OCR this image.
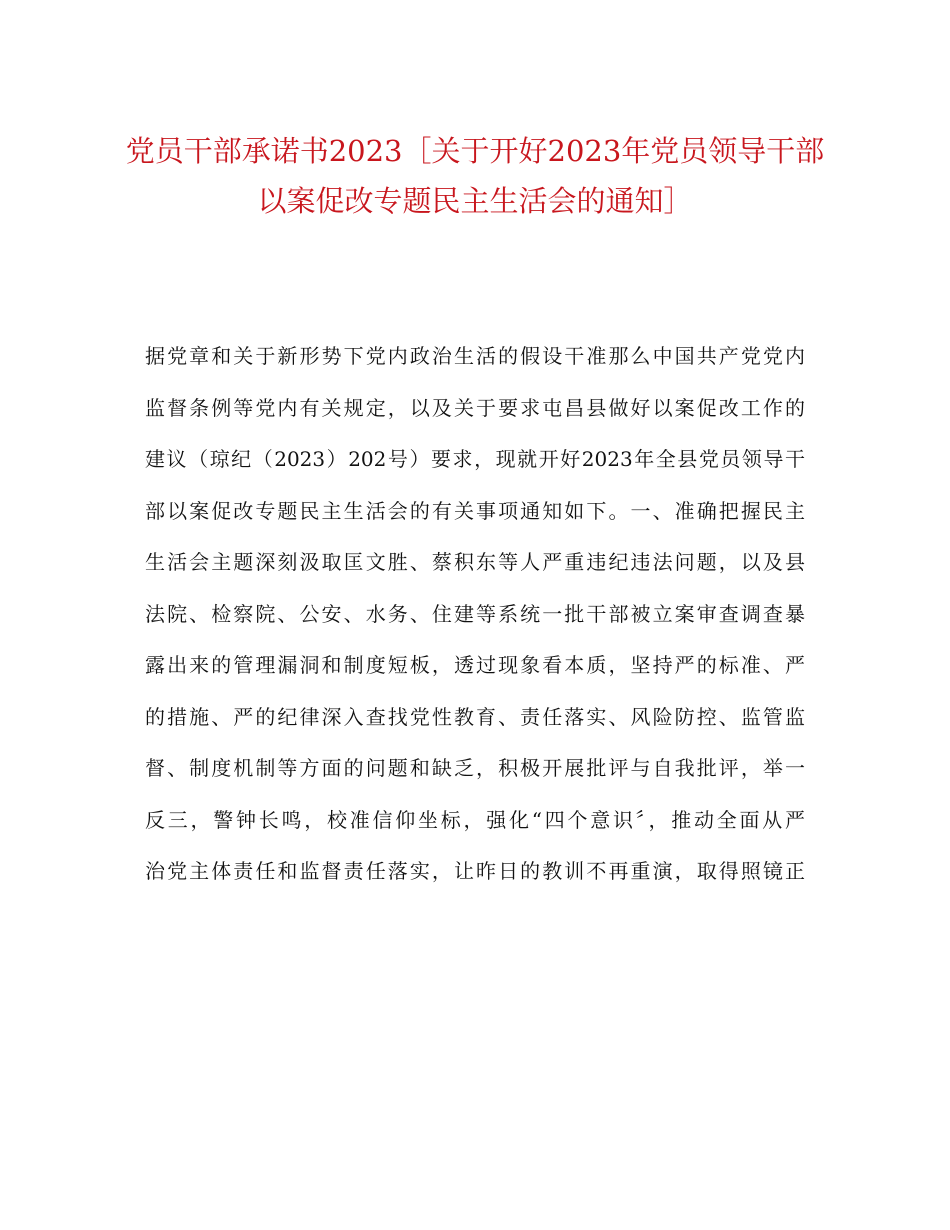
党员干部承诺书2023［关于开好2023年党员领导干部
以案促改专题民主生活会的通知］
据党章和关于新形势下党内政治生活的假设干准那么中国共产党党内
监督条例等党内有关规定，以及关于要求屯昌县做好以案促改工作的
建议（琼纪（2023）202号）要求，现就开好2023年全县党员领导干
部以案促改专题民主生活会的有关事项通知如下。一、准确把握民主
生活会主题深刻汲取匡文胜、蔡积东等人严重违纪违法问题，以及县
法院、检察院、公安、水务、住建等系统一批干部被立案审查调查暴
露出来的管理漏洞和制度短板，透过现象看本质，坚持严的标准、严
的措施、严的纪律深入查找党性教育、责任落实、风险防控、监管监
督、制度机制等方面的问题和缺乏，积极开展批评与自我批评，举一
反三，警钟长鸣，校准信仰坐标，强化“四个意识〞，推动全面从严
治党主体责任和监督责任落实，让昨日的教训不再重演，取得照镜正
